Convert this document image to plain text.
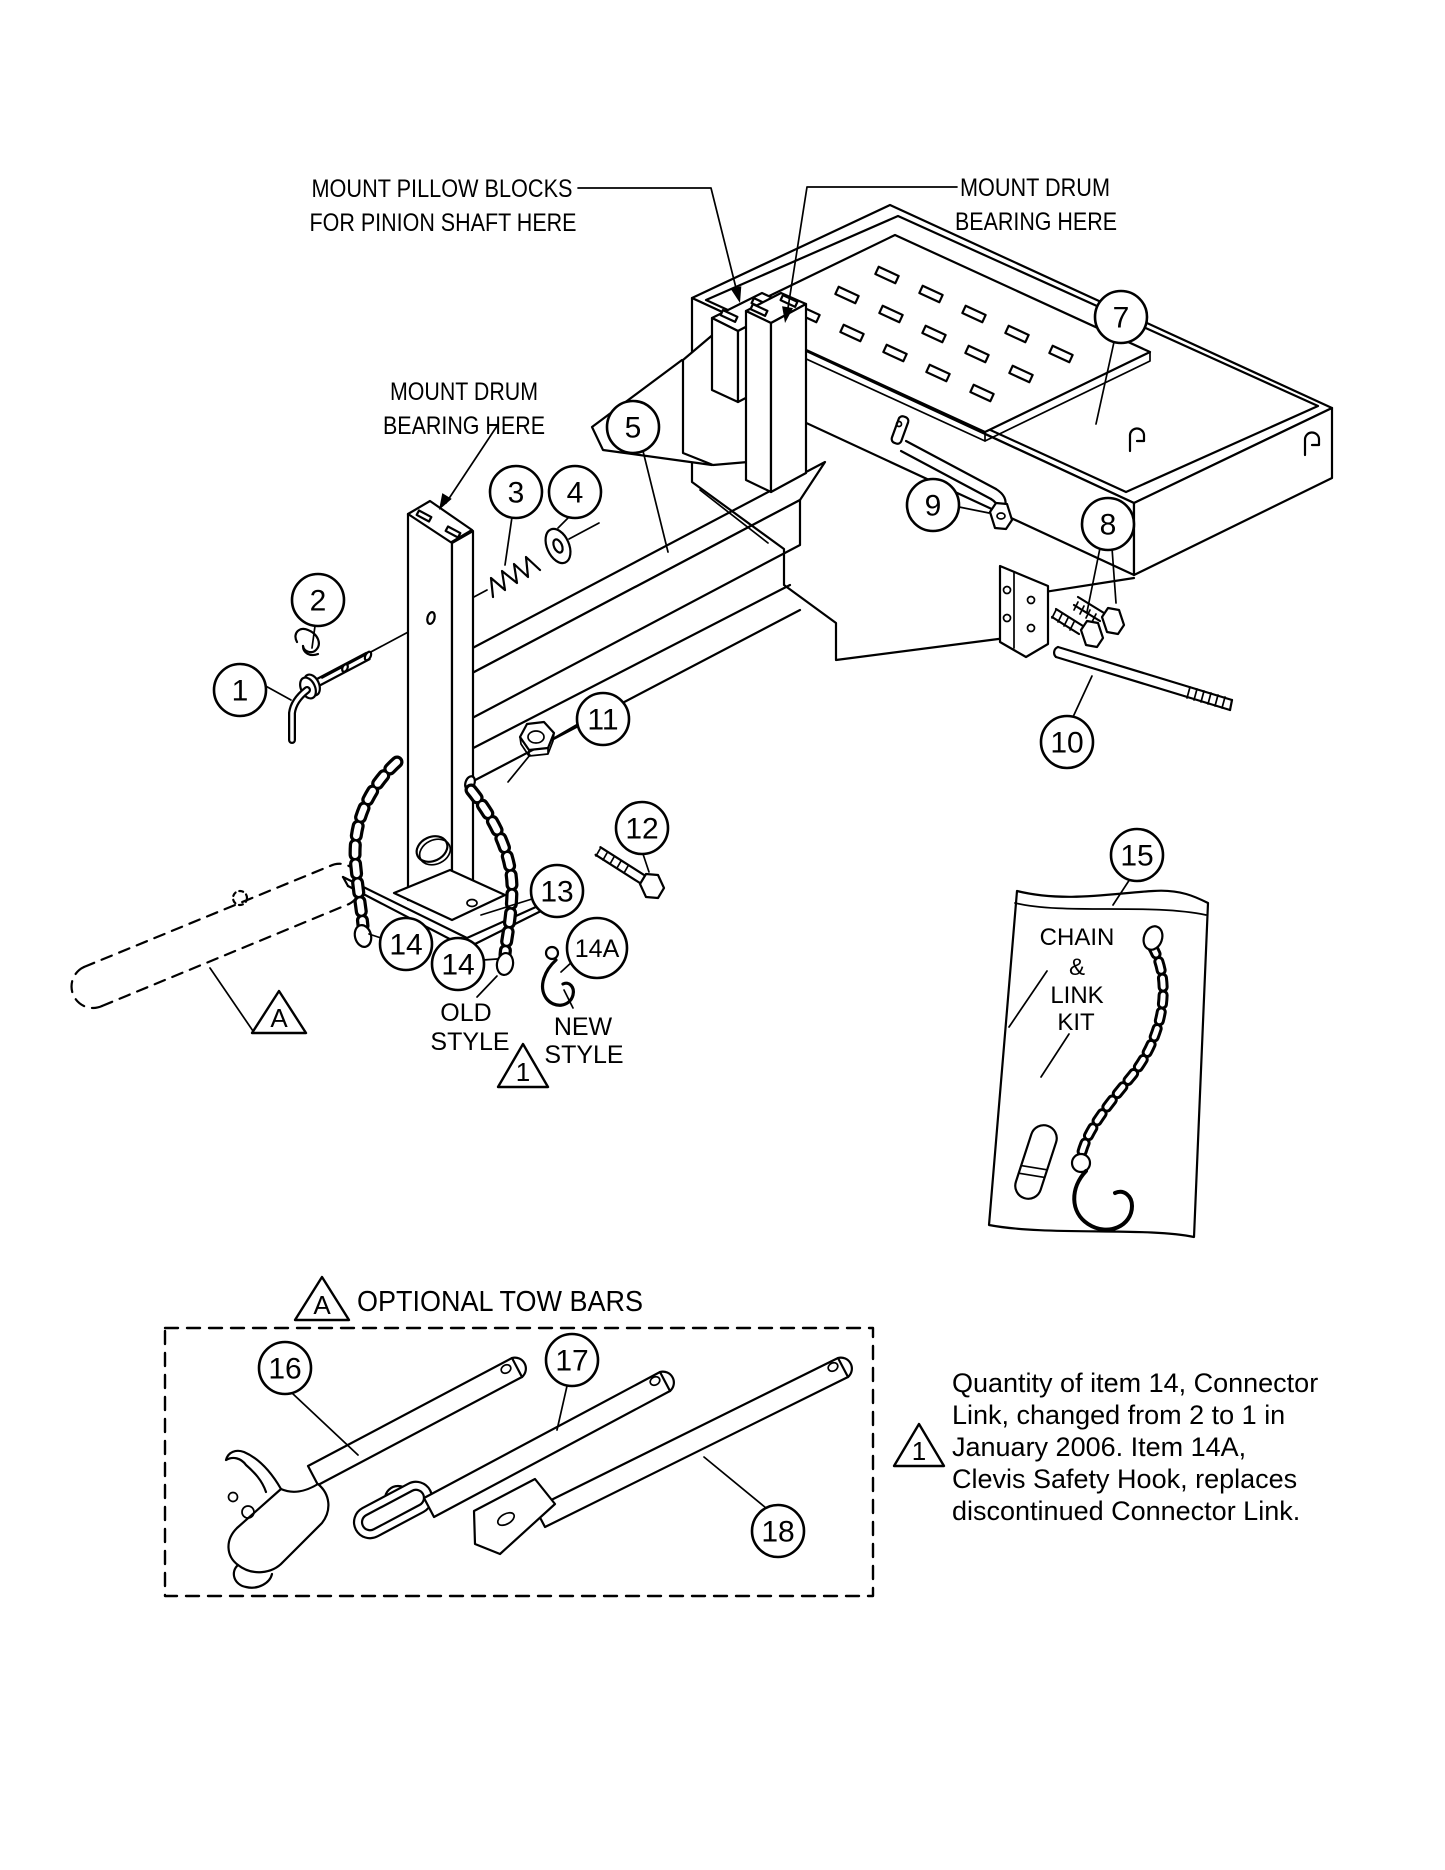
1
2
3 4
5
7
8
9
10
11
12
13
14
14	14A
15
16	17
18
A
A
1
1
MOUNT PILLOW BLOCKS
FOR PINION SHAFT HERE
MOUNT DRUM
BEARING HERE
MOUNT DRUM
BEARING HERE
OLD
STYLE
NEW
STYLE
CHAIN
&
LINK
KIT
OPTIONAL TOW BARS
Quantity of item 14, Connector
Link, changed from 2 to 1 in
January 2006. Item 14A,
Clevis Safety Hook, replaces
discontinued Connector Link.
